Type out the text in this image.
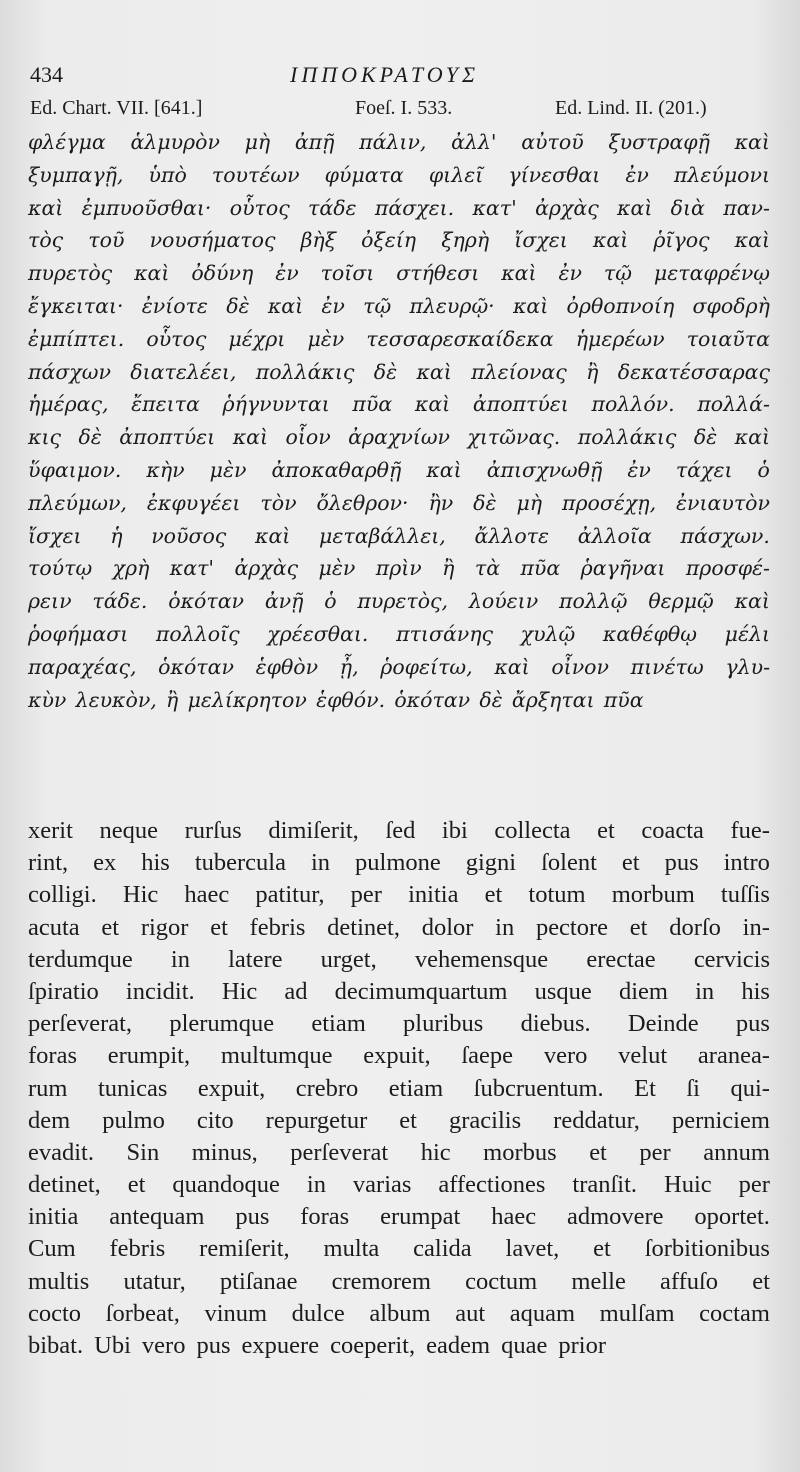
434	ΙΠΠΟΚΡΑΤΟΥΣ
Ed. Chart. VII. [641.]	Foeſ. I. 533.	Ed. Lind. II. (201.)
φλέγμα ἁλμυρὸν μὴ ἀπῇ πάλιν, ἀλλ' αὐτοῦ ξυστραφῇ καὶ
ξυμπαγῇ, ὑπὸ τουτέων φύματα φιλεῖ γίνεσθαι ἐν πλεύμονι
καὶ ἐμπυοῦσθαι· οὗτος τάδε πάσχει. κατ' ἀρχὰς καὶ διὰ παν-
τὸς τοῦ νουσήματος βὴξ ὀξείη ξηρὴ ἴσχει καὶ ῥῖγος καὶ
πυρετὸς καὶ ὀδύνη ἐν τοῖσι στήθεσι καὶ ἐν τῷ μεταφρένῳ
ἔγκειται· ἐνίοτε δὲ καὶ ἐν τῷ πλευρῷ· καὶ ὀρθοπνοίη σφοδρὴ
ἐμπίπτει. οὗτος μέχρι μὲν τεσσαρεσκαίδεκα ἡμερέων τοιαῦτα
πάσχων διατελέει, πολλάκις δὲ καὶ πλείονας ἢ δεκατέσσαρας
ἡμέρας, ἔπειτα ῥήγνυνται πῦα καὶ ἀποπτύει πολλόν. πολλά-
κις δὲ ἀποπτύει καὶ οἷον ἀραχνίων χιτῶνας. πολλάκις δὲ καὶ
ὕφαιμον. κὴν μὲν ἀποκαθαρθῇ καὶ ἀπισχνωθῇ ἐν τάχει ὁ
πλεύμων, ἐκφυγέει τὸν ὄλεθρον· ἢν δὲ μὴ προσέχῃ, ἐνιαυτὸν
ἴσχει ἡ νοῦσος καὶ μεταβάλλει, ἄλλοτε ἀλλοῖα πάσχων.
τούτῳ χρὴ κατ' ἀρχὰς μὲν πρὶν ἢ τὰ πῦα ῥαγῆναι προσφέ-
ρειν τάδε. ὁκόταν ἀνῇ ὁ πυρετὸς, λούειν πολλῷ θερμῷ καὶ
ῥοφήμασι πολλοῖς χρέεσθαι. πτισάνης χυλῷ καθέφθῳ μέλι
παραχέας, ὁκόταν ἑφθὸν ᾖ, ῥοφείτω, καὶ οἶνον πινέτω γλυ-
κὺν λευκὸν, ἢ μελίκρητον ἑφθόν. ὁκόταν δὲ ἄρξηται πῦα
xerit neque rurſus dimiſerit, ſed ibi collecta et coacta fue-
rint, ex his tubercula in pulmone gigni ſolent et pus intro
colligi. Hic haec patitur, per initia et totum morbum tuſſis
acuta et rigor et febris detinet, dolor in pectore et dorſo in-
terdumque in latere urget, vehemensque erectae cervicis
ſpiratio incidit. Hic ad decimumquartum usque diem in his
perſeverat, plerumque etiam pluribus diebus. Deinde pus
foras erumpit, multumque expuit, ſaepe vero velut aranea-
rum tunicas expuit, crebro etiam ſubcruentum. Et ſi qui-
dem pulmo cito repurgetur et gracilis reddatur, perniciem
evadit. Sin minus, perſeverat hic morbus et per annum
detinet, et quandoque in varias affectiones tranſit. Huic per
initia antequam pus foras erumpat haec admovere oportet.
Cum febris remiſerit, multa calida lavet, et ſorbitionibus
multis utatur, ptiſanae cremorem coctum melle affuſo et
cocto ſorbeat, vinum dulce album aut aquam mulſam coctam
bibat. Ubi vero pus expuere coeperit, eadem quae prior
